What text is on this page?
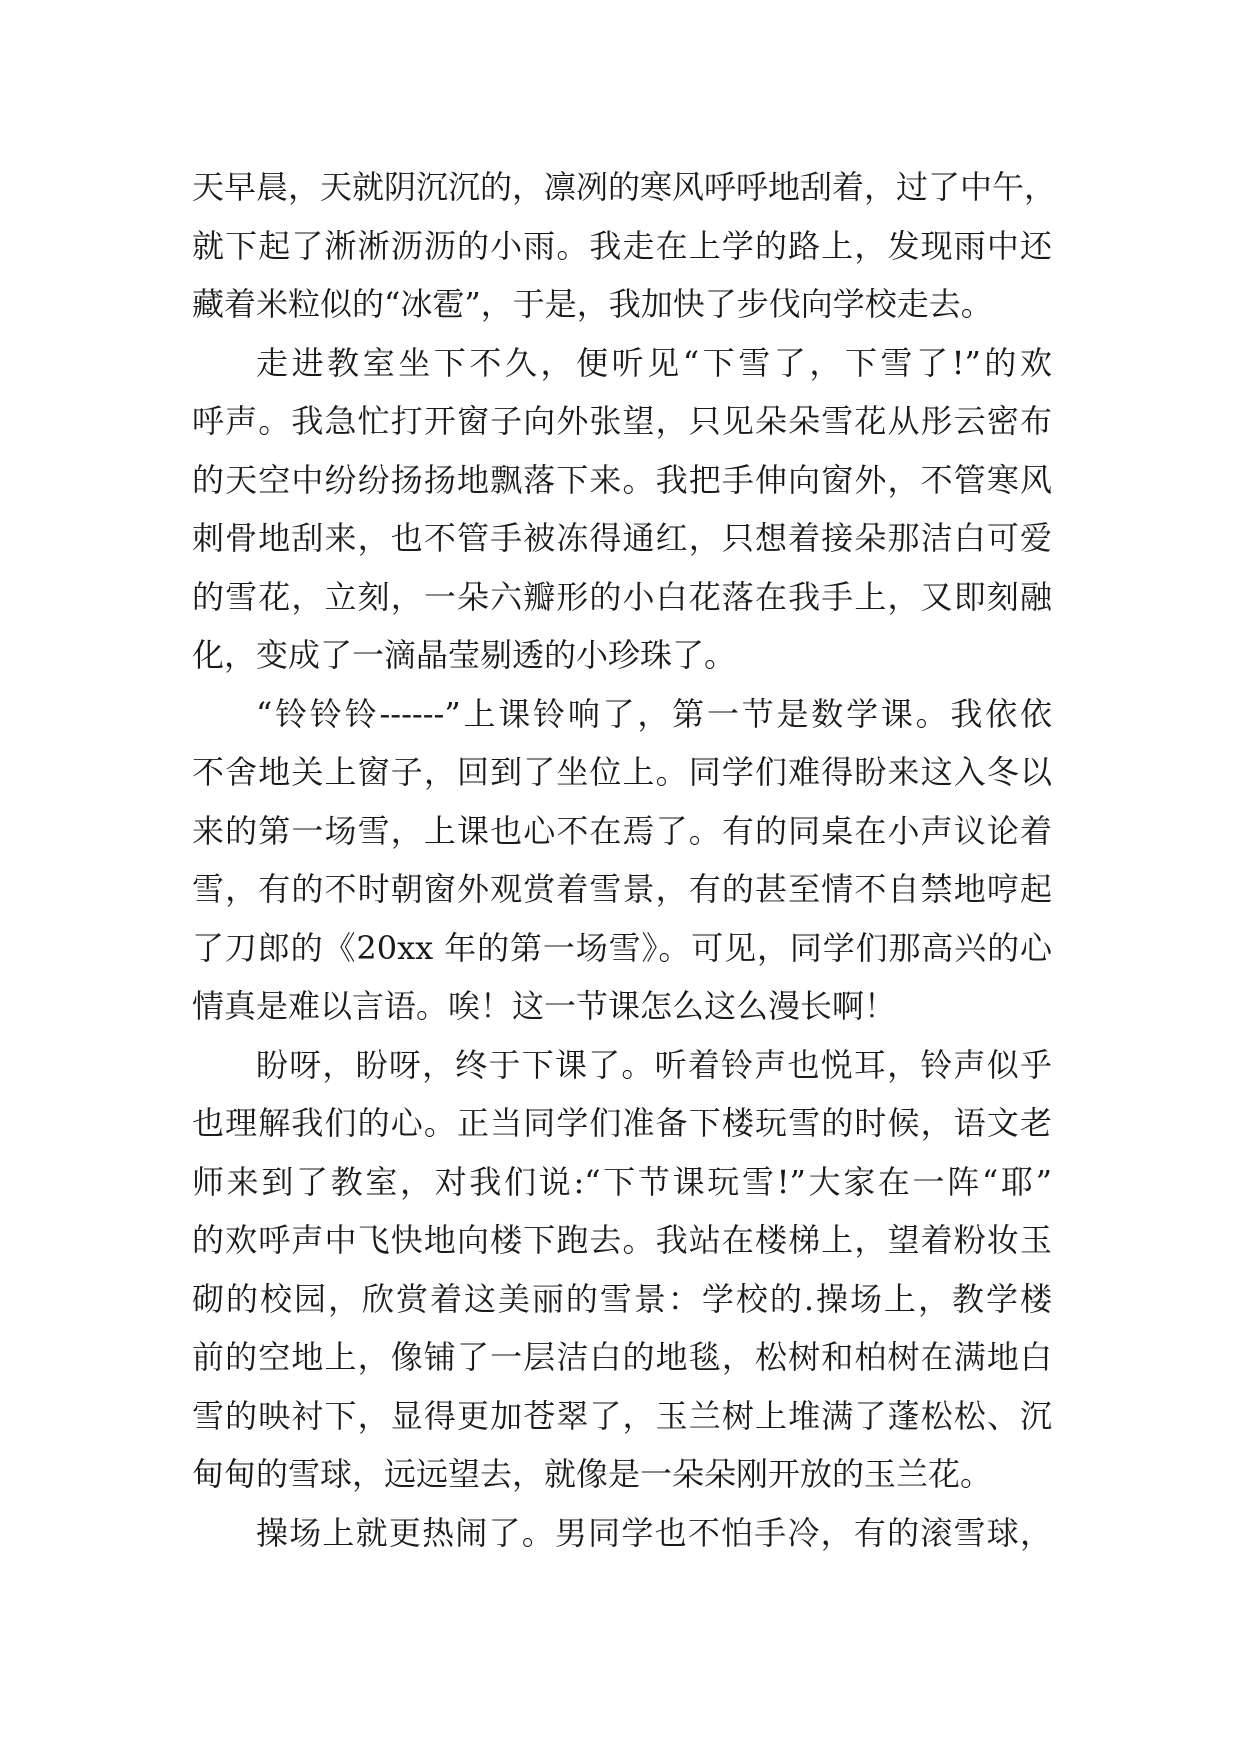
天早晨，天就阴沉沉的，凛冽的寒风呼呼地刮着，过了中午，
就下起了淅淅沥沥的小雨。我走在上学的路上，发现雨中还
藏着米粒似的“冰雹”，于是，我加快了步伐向学校走去。
走进教室坐下不久，便听见“下雪了，下雪了!”的欢
呼声。我急忙打开窗子向外张望，只见朵朵雪花从彤云密布
的天空中纷纷扬扬地飘落下来。我把手伸向窗外，不管寒风
刺骨地刮来，也不管手被冻得通红，只想着接朵那洁白可爱
的雪花，立刻，一朵六瓣形的小白花落在我手上，又即刻融
化，变成了一滴晶莹剔透的小珍珠了。
“铃铃铃------”上课铃响了，第一节是数学课。我依依
不舍地关上窗子，回到了坐位上。同学们难得盼来这入冬以
来的第一场雪，上课也心不在焉了。有的同桌在小声议论着
雪，有的不时朝窗外观赏着雪景，有的甚至情不自禁地哼起
了刀郎的《20xx 年的第一场雪》。可见，同学们那高兴的心
情真是难以言语。唉！这一节课怎么这么漫长啊！
盼呀，盼呀，终于下课了。听着铃声也悦耳，铃声似乎
也理解我们的心。正当同学们准备下楼玩雪的时候，语文老
师来到了教室，对我们说:“下节课玩雪!”大家在一阵“耶”
的欢呼声中飞快地向楼下跑去。我站在楼梯上，望着粉妆玉
砌的校园，欣赏着这美丽的雪景：学校的.操场上，教学楼
前的空地上，像铺了一层洁白的地毯，松树和柏树在满地白
雪的映衬下，显得更加苍翠了，玉兰树上堆满了蓬松松、沉
甸甸的雪球，远远望去，就像是一朵朵刚开放的玉兰花。
操场上就更热闹了。男同学也不怕手冷，有的滚雪球，
